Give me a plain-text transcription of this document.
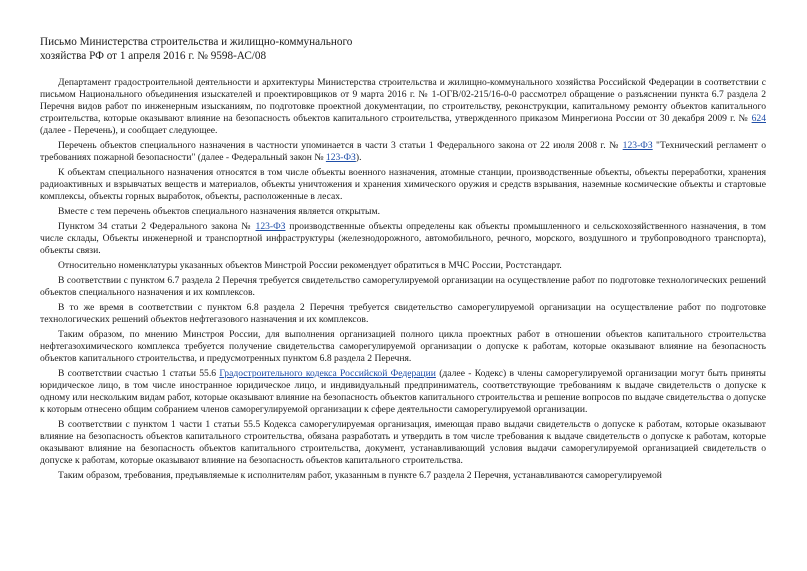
Письмо Министерства строительства и жилищно-коммунального
хозяйства РФ от 1 апреля 2016 г. № 9598-АС/08

Департамент градостроительной деятельности и архитектуры Министерства строительства и жилищно-коммунального хозяйства Российской Федерации в соответствии с письмом Национального объединения изыскателей и проектировщиков от 9 марта 2016 г. № 1-ОГВ/02-215/16-0-0 рассмотрел обращение о разъяснении пункта 6.7 раздела 2 Перечня видов работ по инженерным изысканиям, по подготовке проектной документации, по строительству, реконструкции, капитальному ремонту объектов капитального строительства, которые оказывают влияние на безопасность объектов капитального строительства, утвержденного приказом Минрегиона России от 30 декабря 2009 г. № 624 (далее - Перечень), и сообщает следующее.

Перечень объектов специального назначения в частности упоминается в части 3 статьи 1 Федерального закона от 22 июля 2008 г. № 123-ФЗ "Технический регламент о требованиях пожарной безопасности" (далее - Федеральный закон № 123-ФЗ).

К объектам специального назначения относятся в том числе объекты военного назначения, атомные станции, производственные объекты, объекты переработки, хранения радиоактивных и взрывчатых веществ и материалов, объекты уничтожения и хранения химического оружия и средств взрывания, наземные космические объекты и стартовые комплексы, объекты горных выработок, объекты, расположенные в лесах.

Вместе с тем перечень объектов специального назначения является открытым.

Пунктом 34 статьи 2 Федерального закона № 123-ФЗ производственные объекты определены как объекты промышленного и сельскохозяйственного назначения, в том числе склады, Объекты инженерной и транспортной инфраструктуры (железнодорожного, автомобильного, речного, морского, воздушного и трубопроводного транспорта), объекты связи.

Относительно номенклатуры указанных объектов Минстрой России рекомендует обратиться в МЧС России, Ростстандарт.

В соответствии с пунктом 6.7 раздела 2 Перечня требуется свидетельство саморегулируемой организации на осуществление работ по подготовке технологических решений объектов специального назначения и их комплексов.

В то же время в соответствии с пунктом 6.8 раздела 2 Перечня требуется свидетельство саморегулируемой организации на осуществление работ по подготовке технологических решений объектов нефтегазового назначения и их комплексов.

Таким образом, по мнению Минстроя России, для выполнения организацией полного цикла проектных работ в отношении объектов капитального строительства нефтегазохимического комплекса требуется получение свидетельства саморегулируемой организации о допуске к работам, которые оказывают влияние на безопасность объектов капитального строительства, и предусмотренных пунктом 6.8 раздела 2 Перечня.

В соответствии счастью 1 статьи 55.6 Градостроительного кодекса Российской Федерации (далее - Кодекс) в члены саморегулируемой организации могут быть приняты юридическое лицо, в том числе иностранное юридическое лицо, и индивидуальный предприниматель, соответствующие требованиям к выдаче свидетельств о допуске к одному или нескольким видам работ, которые оказывают влияние на безопасность объектов капитального строительства и решение вопросов по выдаче свидетельства о допуске к которым отнесено общим собранием членов саморегулируемой организации к сфере деятельности саморегулируемой организации.

В соответствии с пунктом 1 части 1 статьи 55.5 Кодекса саморегулируемая организация, имеющая право выдачи свидетельств о допуске к работам, которые оказывают влияние на безопасность объектов капитального строительства, обязана разработать и утвердить в том числе требования к выдаче свидетельств о допуске к работам, которые оказывают влияние на безопасность объектов капитального строительства, документ, устанавливающий условия выдачи саморегулируемой организацией свидетельств о допуске к работам, которые оказывают влияние на безопасность объектов капитального строительства.

Таким образом, требования, предъявляемые к исполнителям работ, указанным в пункте 6.7 раздела 2 Перечня, устанавливаются саморегулируемой
